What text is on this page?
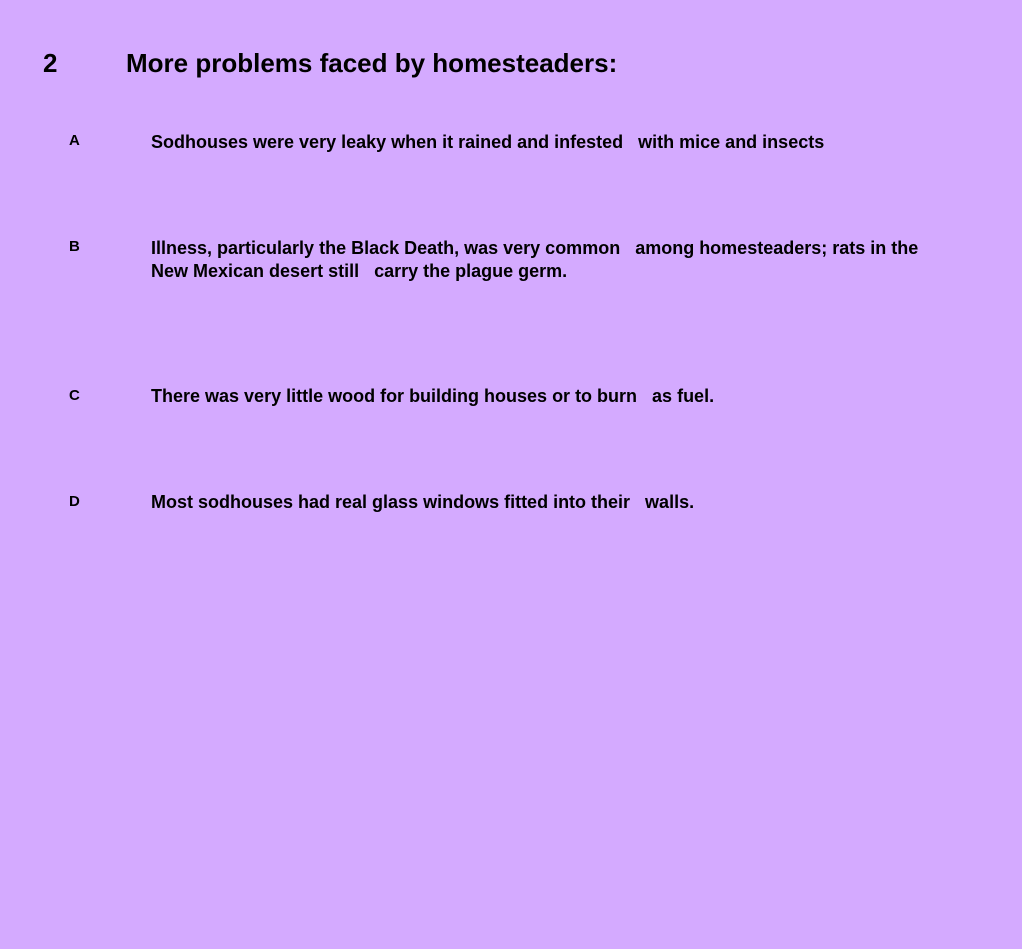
2	More problems faced by homesteaders:
A	Sodhouses were very leaky when it rained and infested   with mice and insects
B	Illness, particularly the Black Death, was very common   among homesteaders; rats in the New Mexican desert still   carry the plague germ.
C	There was very little wood for building houses or to burn   as fuel.
D	Most sodhouses had real glass windows fitted into their   walls.
